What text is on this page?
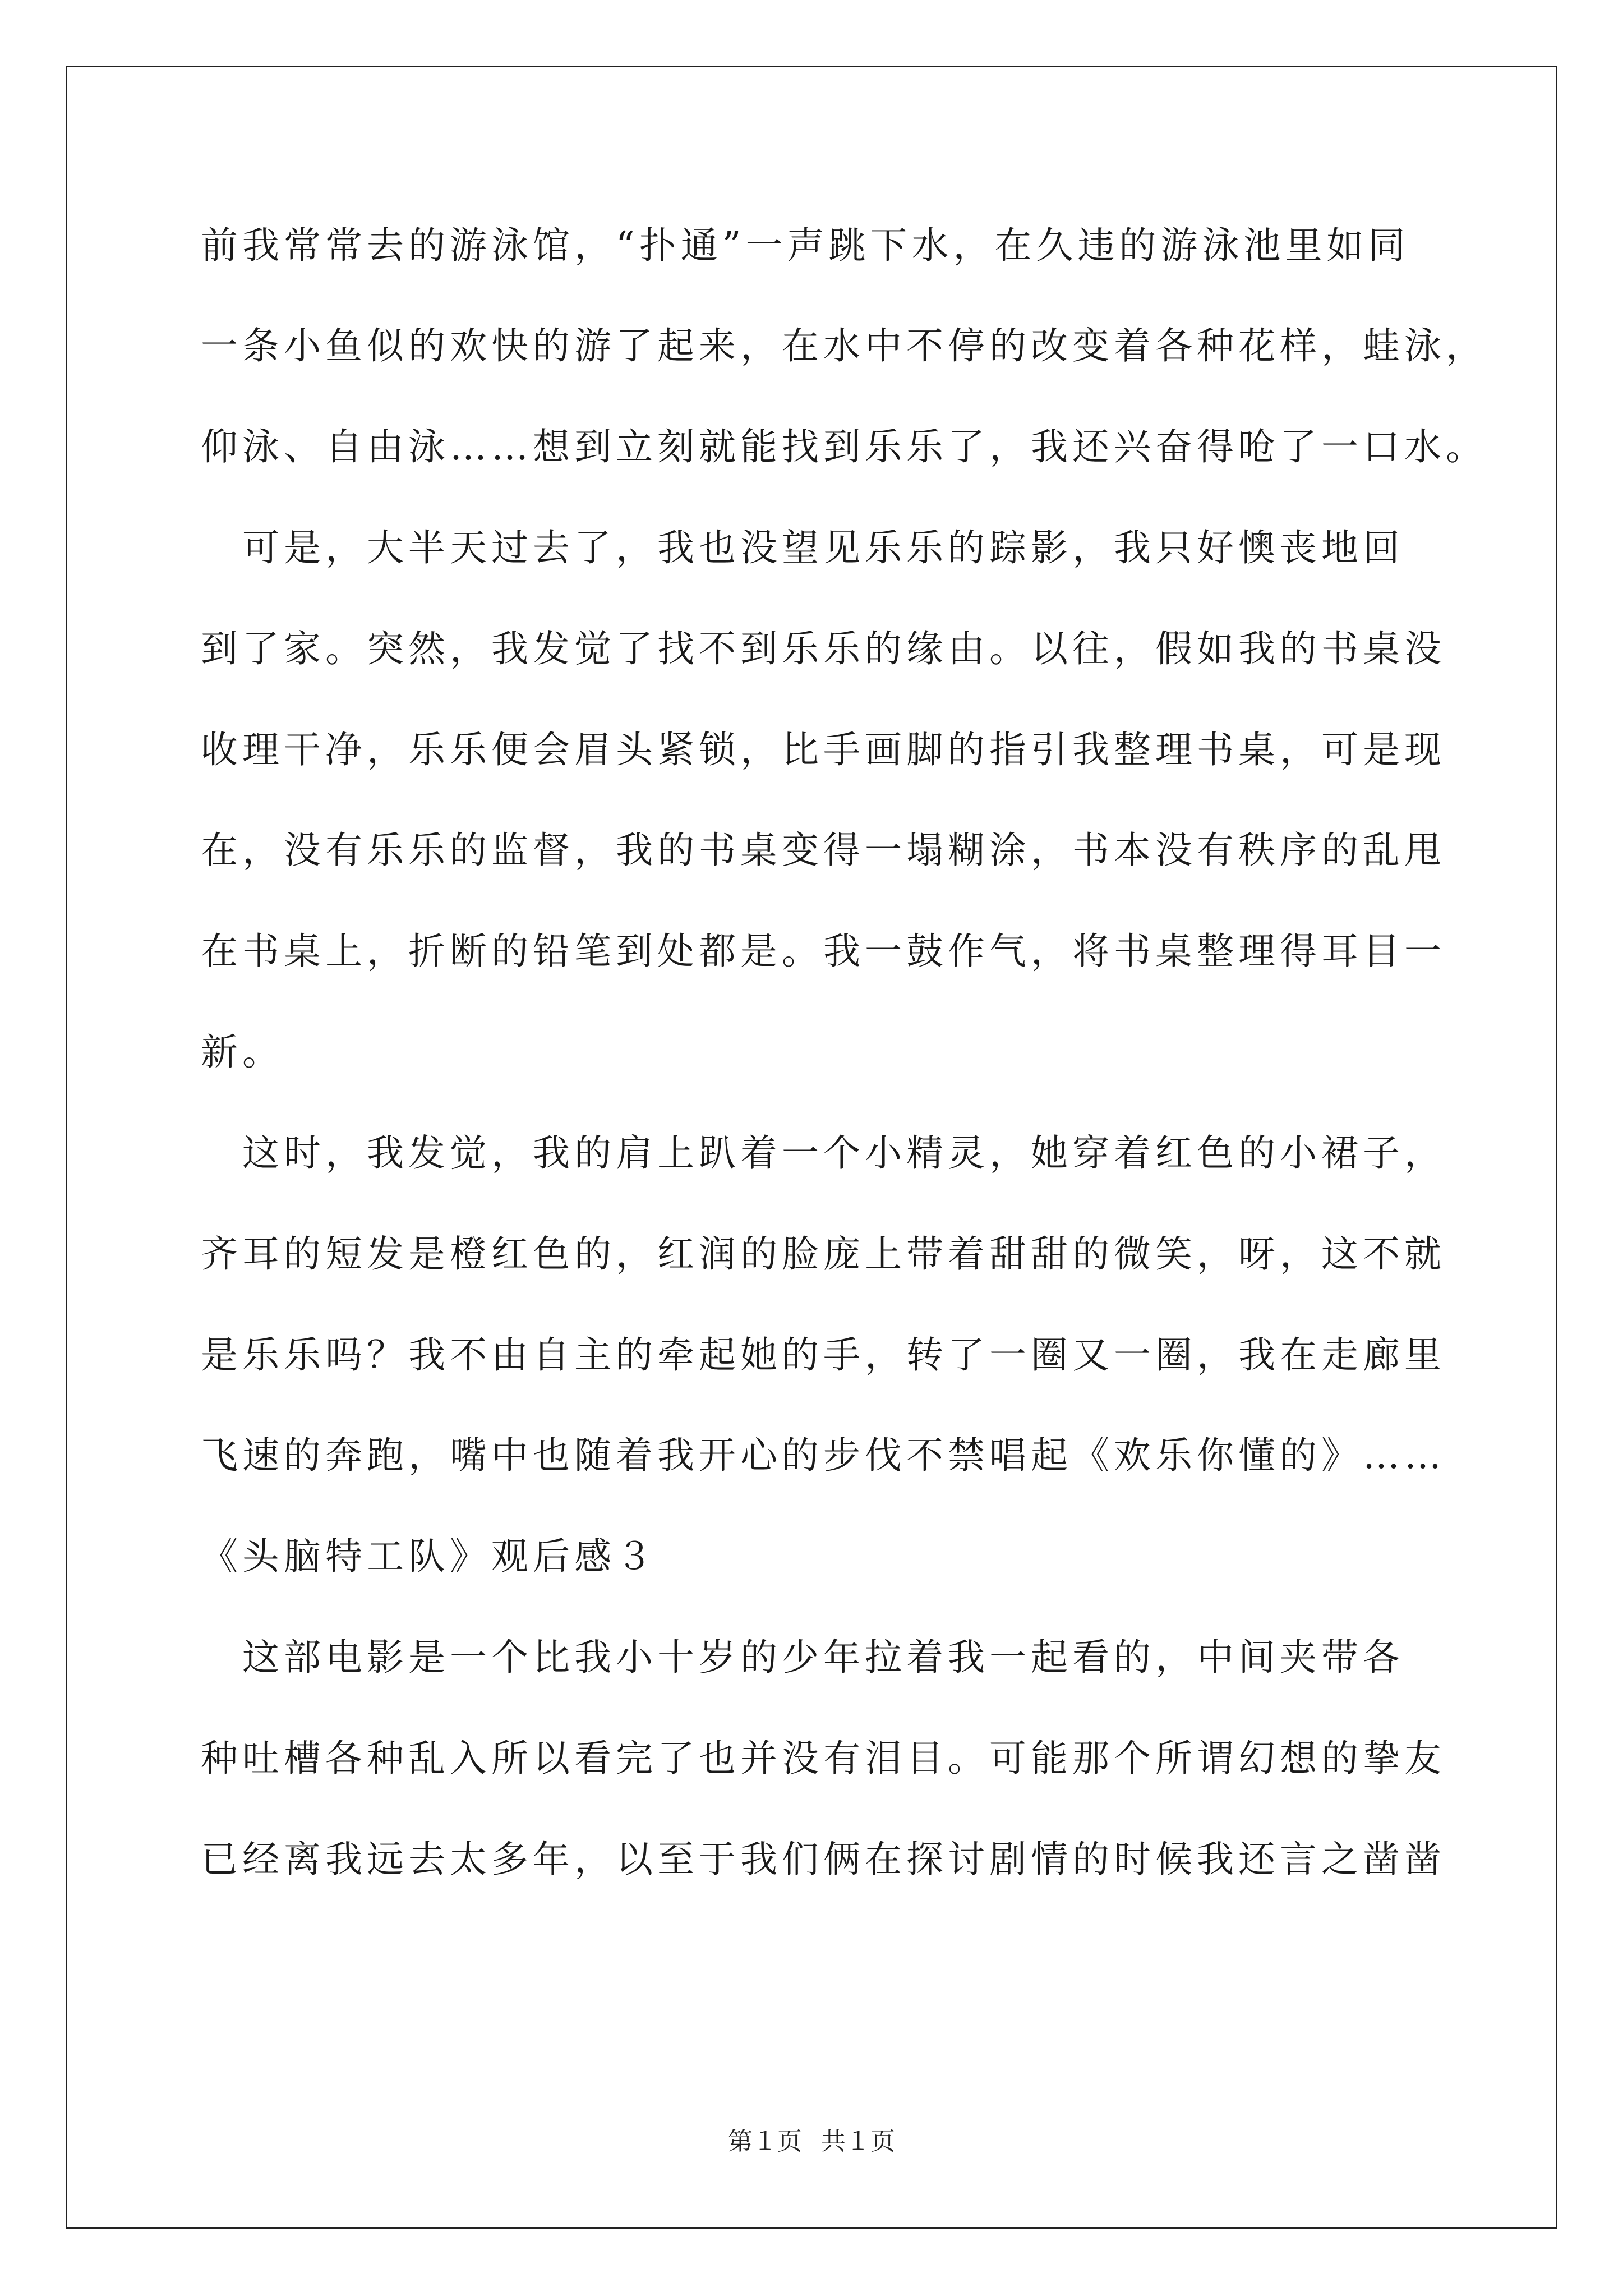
前我常常去的游泳馆，“扑通”一声跳下水，在久违的游泳池里如同
一条小鱼似的欢快的游了起来，在水中不停的改变着各种花样，蛙泳，
仰泳、自由泳……想到立刻就能找到乐乐了，我还兴奋得呛了一口水。
　可是，大半天过去了，我也没望见乐乐的踪影，我只好懊丧地回
到了家。突然，我发觉了找不到乐乐的缘由。以往，假如我的书桌没
收理干净，乐乐便会眉头紧锁，比手画脚的指引我整理书桌，可是现
在，没有乐乐的监督，我的书桌变得一塌糊涂，书本没有秩序的乱甩
在书桌上，折断的铅笔到处都是。我一鼓作气，将书桌整理得耳目一
新。
　这时，我发觉，我的肩上趴着一个小精灵，她穿着红色的小裙子，
齐耳的短发是橙红色的，红润的脸庞上带着甜甜的微笑，呀，这不就
是乐乐吗？我不由自主的牵起她的手，转了一圈又一圈，我在走廊里
飞速的奔跑，嘴中也随着我开心的步伐不禁唱起《欢乐你懂的》……
《头脑特工队》观后感３
　这部电影是一个比我小十岁的少年拉着我一起看的，中间夹带各
种吐槽各种乱入所以看完了也并没有泪目。可能那个所谓幻想的挚友
已经离我远去太多年，以至于我们俩在探讨剧情的时候我还言之凿凿
第１页 共１页
